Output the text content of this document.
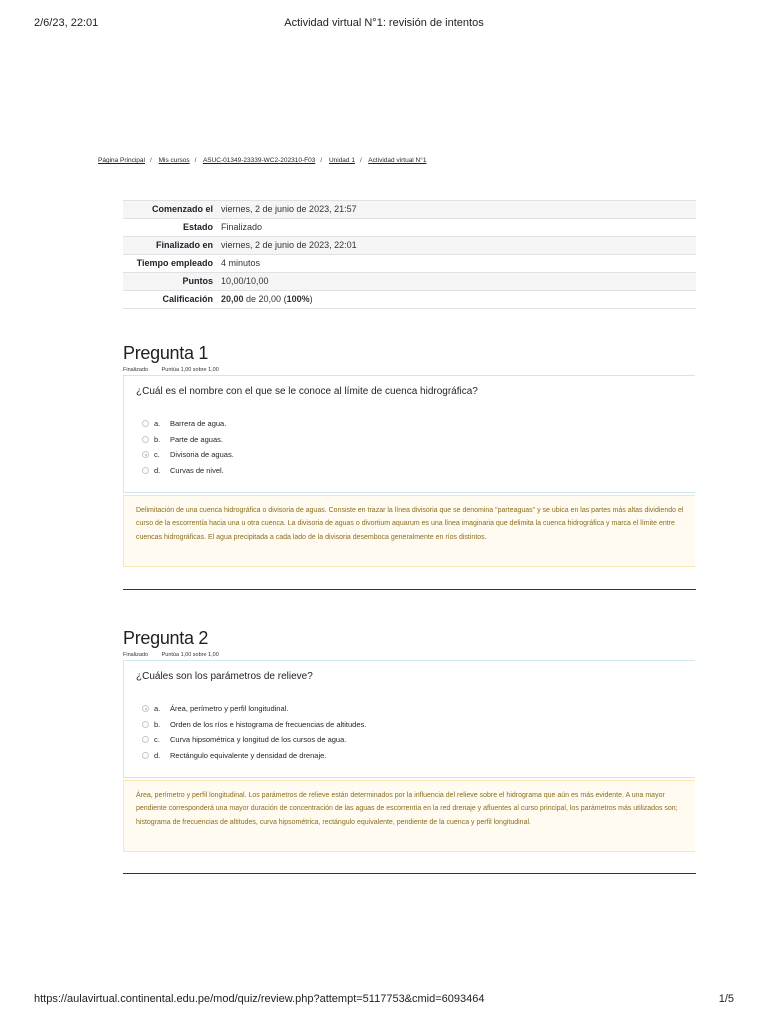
2/6/23, 22:01	Actividad virtual N°1: revisión de intentos
Página Principal / Mis cursos / ASUC-01349-23339-WC2-202310-F03 / Unidad 1 / Actividad virtual N°1
Comenzado el	viernes, 2 de junio de 2023, 21:57
Estado	Finalizado
Finalizado en	viernes, 2 de junio de 2023, 22:01
Tiempo empleado	4 minutos
Puntos	10,00/10,00
Calificación	20,00 de 20,00 (100%)
Pregunta 1
Finalizado Puntúa 1,00 sobre 1,00
¿Cuál es el nombre con el que se le conoce al límite de cuenca hidrográfica?
a.	Barrera de agua.
b.	Parte de aguas.
c.	Divisoria de aguas.
d.	Curvas de nivel.
Delimitación de una cuenca hidrográfica o divisoria de aguas. Consiste en trazar la línea divisoria que se denomina "parteaguas" y se ubica en las partes más altas dividiendo el curso de la escorrentía hacia una u otra cuenca. La divisoria de aguas o divortium aquarum es una línea imaginaria que delimita la cuenca hidrográfica y marca el límite entre cuencas hidrográficas. El agua precipitada a cada lado de la divisoria desemboca generalmente en ríos distintos.
Pregunta 2
Finalizado Puntúa 1,00 sobre 1,00
¿Cuáles son los parámetros de relieve?
a.	Área, perímetro y perfil longitudinal.
b.	Orden de los ríos e histograma de frecuencias de altitudes.
c.	Curva hipsométrica y longitud de los cursos de agua.
d.	Rectángulo equivalente y densidad de drenaje.
Área, perímetro y perfil longitudinal. Los parámetros de relieve están determinados por la influencia del relieve sobre el hidrograma que aún es más evidente. A una mayor pendiente corresponderá una mayor duración de concentración de las aguas de escorrentía en la red drenaje y afluentes al curso principal, los parámetros más utilizados son; histograma de frecuencias de altitudes, curva hipsométrica, rectángulo equivalente, pendiente de la cuenca y perfil longitudinal.
https://aulavirtual.continental.edu.pe/mod/quiz/review.php?attempt=5117753&cmid=6093464	1/5
